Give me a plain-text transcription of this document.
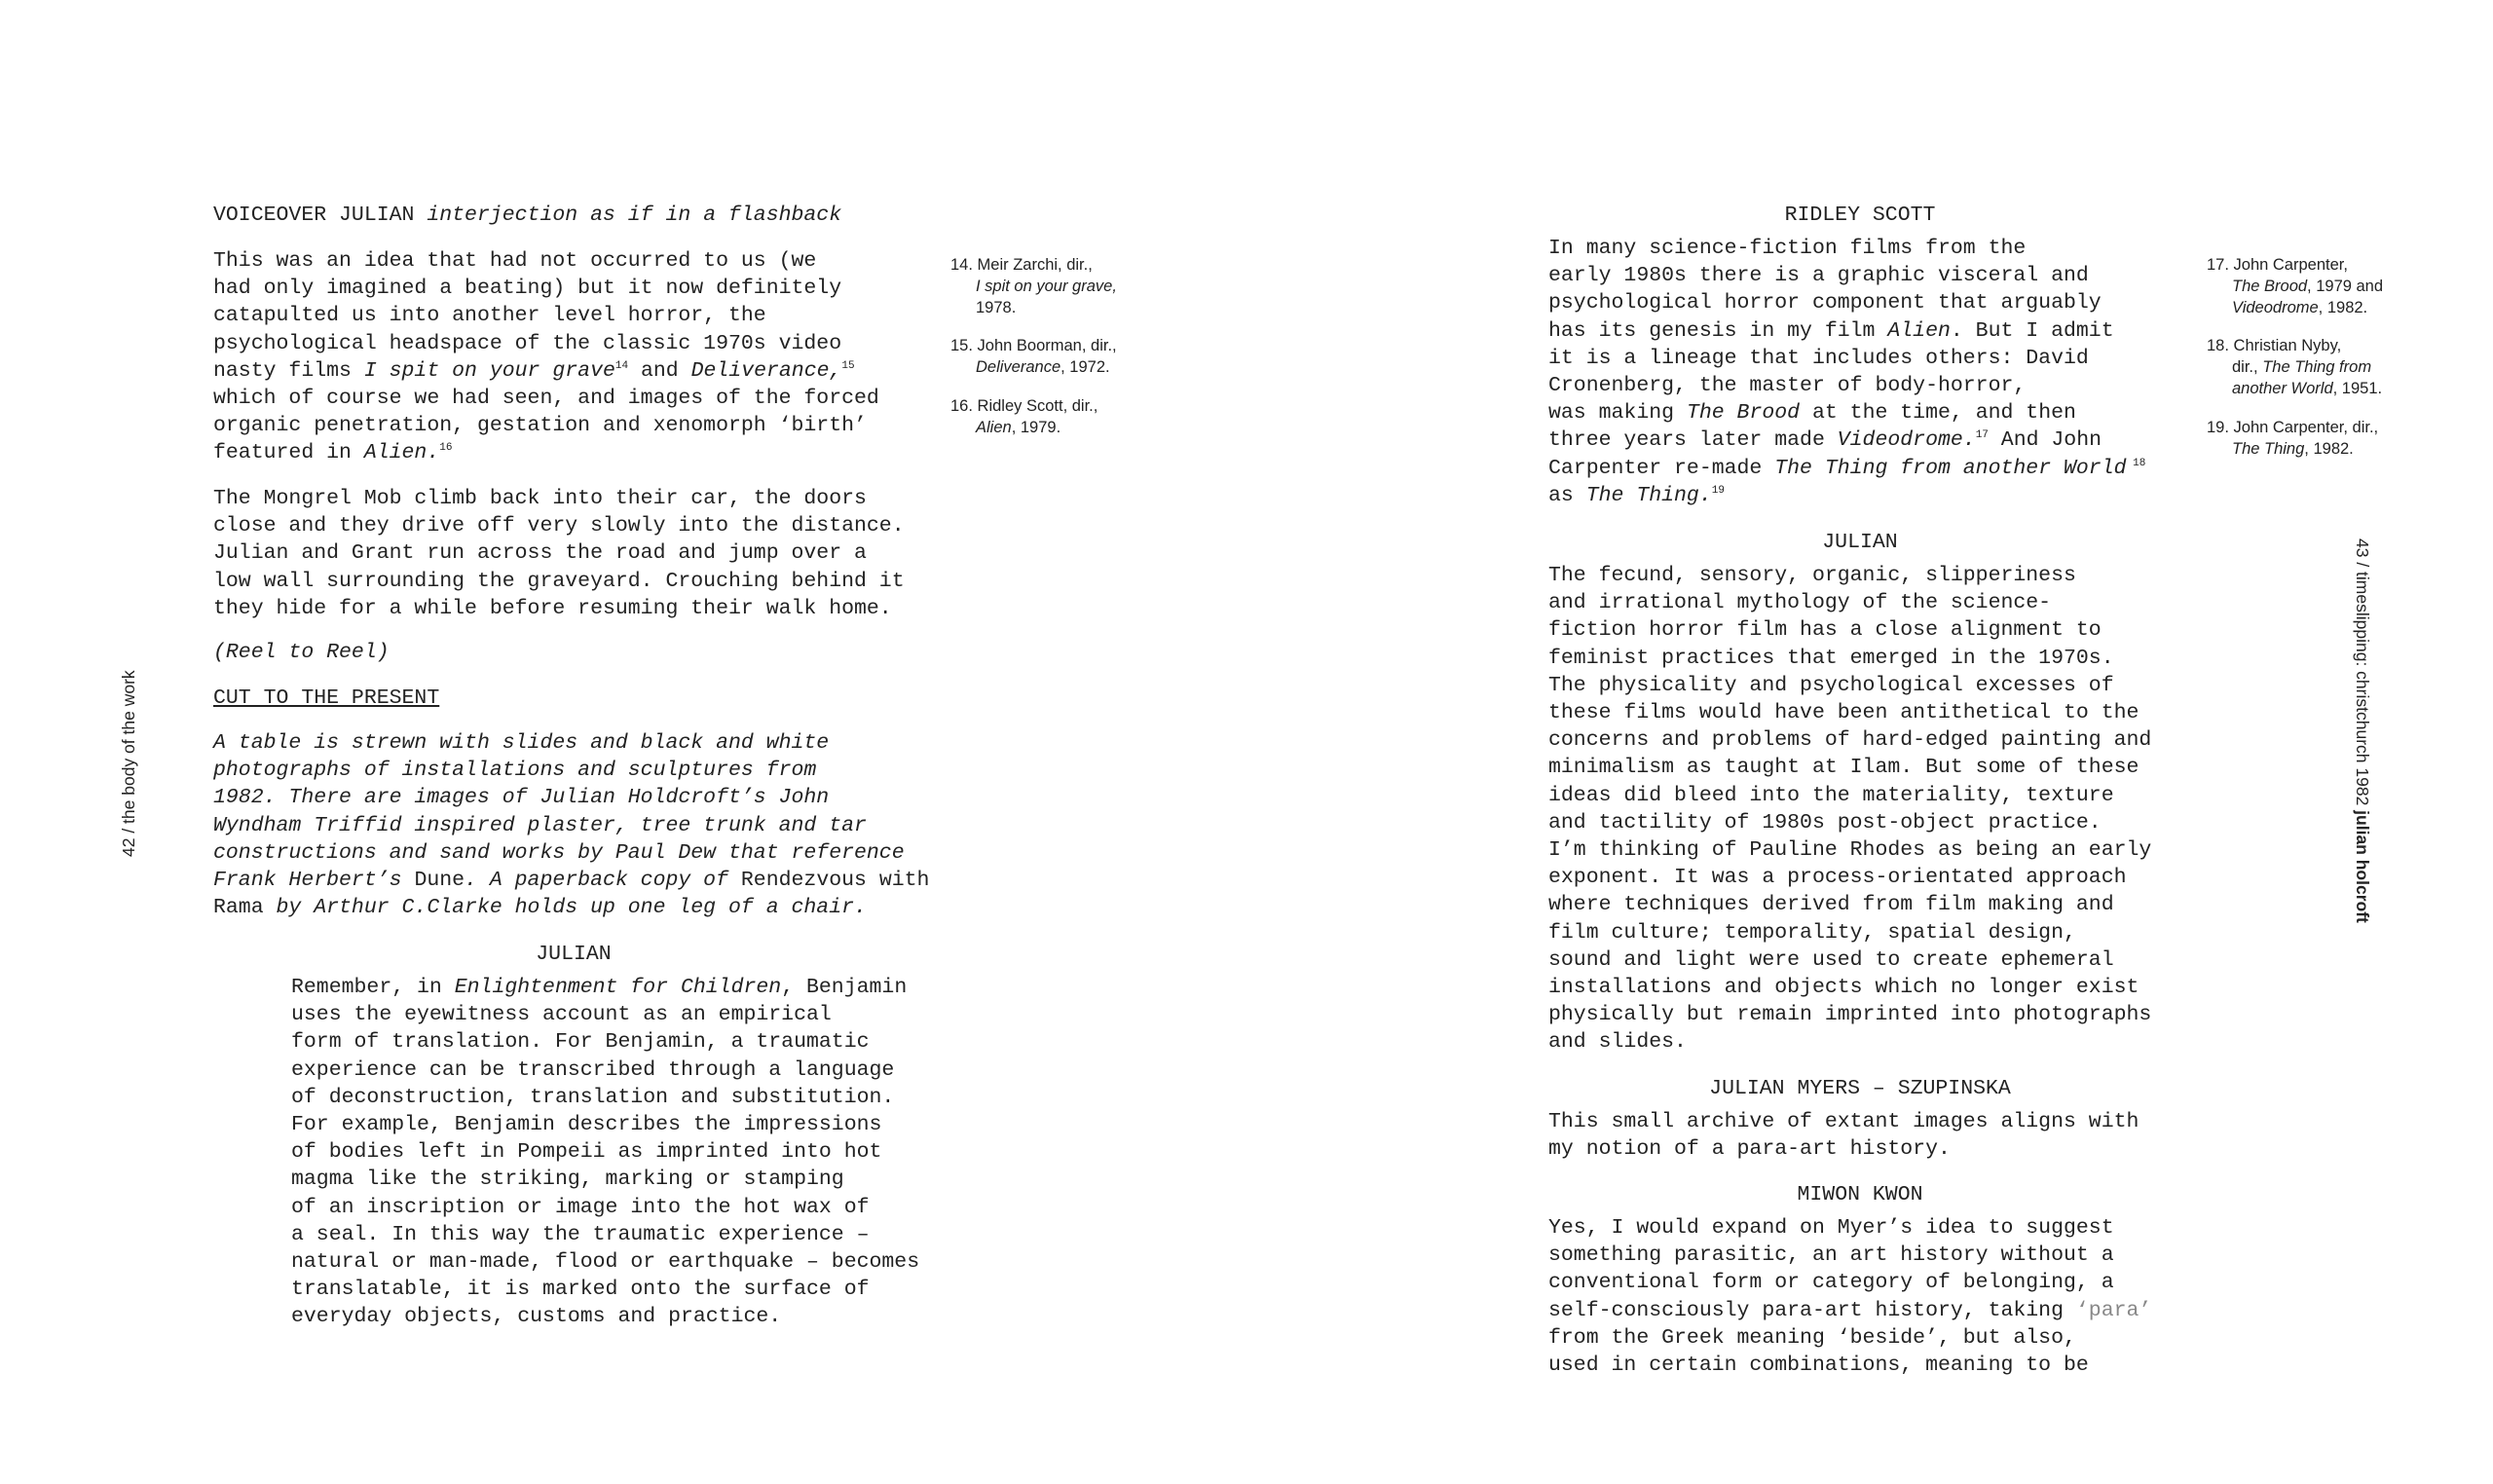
VOICEOVER JULIAN interjection as if in a flashback
This was an idea that had not occurred to us (we
had only imagined a beating) but it now definitely
catapulted us into another level horror, the
psychological headspace of the classic 1970s video
nasty films I spit on your grave$^{14}$ and Deliverance,$^{15}$
which of course we had seen, and images of the forced
organic penetration, gestation and xenomorph ‘birth’
featured in Alien.$^{16}$
The Mongrel Mob climb back into their car, the doors
close and they drive off very slowly into the distance.
Julian and Grant run across the road and jump over a
low wall surrounding the graveyard. Crouching behind it
they hide for a while before resuming their walk home.
(Reel to Reel)
CUT TO THE PRESENT
A table is strewn with slides and black and white
photographs of installations and sculptures from
1982. There are images of Julian Holdcroft’s John
Wyndham Triffid inspired plaster, tree trunk and tar
constructions and sand works by Paul Dew that reference
Frank Herbert’s Dune. A paperback copy of Rendezvous with
Rama by Arthur C.Clarke holds up one leg of a chair.
JULIAN
Remember, in Enlightenment for Children, Benjamin
uses the eyewitness account as an empirical
form of translation. For Benjamin, a traumatic
experience can be transcribed through a language
of deconstruction, translation and substitution.
For example, Benjamin describes the impressions
of bodies left in Pompeii as imprinted into hot
magma like the striking, marking or stamping
of an inscription or image into the hot wax of
a seal. In this way the traumatic experience –
natural or man-made, flood or earthquake – becomes
translatable, it is marked onto the surface of
everyday objects, customs and practice.
14. Meir Zarchi, dir.,
I spit on your grave,
1978.
15. John Boorman, dir.,
Deliverance, 1972.
16. Ridley Scott, dir.,
Alien, 1979.
42 / the body of the work
RIDLEY SCOTT
In many science-fiction films from the
early 1980s there is a graphic visceral and
psychological horror component that arguably
has its genesis in my film Alien. But I admit
it is a lineage that includes others: David
Cronenberg, the master of body-horror,
was making The Brood at the time, and then
three years later made Videodrome.$^{17}$ And John
Carpenter re-made The Thing from another World $^{18}$
as The Thing.$^{19}$
JULIAN
The fecund, sensory, organic, slipperiness
and irrational mythology of the science-
fiction horror film has a close alignment to
feminist practices that emerged in the 1970s.
The physicality and psychological excesses of
these films would have been antithetical to the
concerns and problems of hard-edged painting and
minimalism as taught at Ilam. But some of these
ideas did bleed into the materiality, texture
and tactility of 1980s post-object practice.
I’m thinking of Pauline Rhodes as being an early
exponent. It was a process-orientated approach
where techniques derived from film making and
film culture; temporality, spatial design,
sound and light were used to create ephemeral
installations and objects which no longer exist
physically but remain imprinted into photographs
and slides.
JULIAN MYERS – SZUPINSKA
This small archive of extant images aligns with
my notion of a para-art history.
MIWON KWON
Yes, I would expand on Myer’s idea to suggest
something parasitic, an art history without a
conventional form or category of belonging, a
self-consciously para-art history, taking ‘para’
from the Greek meaning ‘beside’, but also,
used in certain combinations, meaning to be
17. John Carpenter,
The Brood, 1979 and
Videodrome, 1982.
18. Christian Nyby,
dir., The Thing from
another World, 1951.
19. John Carpenter, dir.,
The Thing, 1982.
43 / timeslipping: christchurch 1982 julian holcroft
